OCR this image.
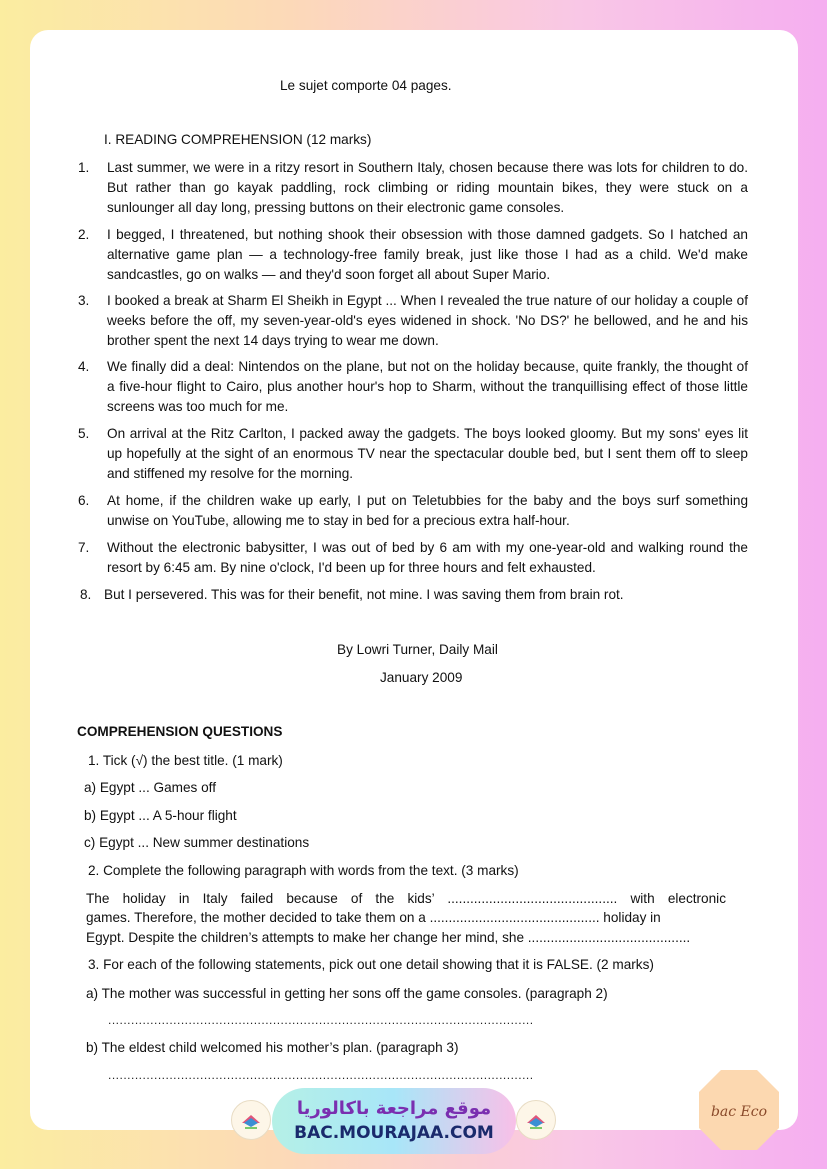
Le sujet comporte 04 pages.
I. READING COMPREHENSION (12 marks)
1. Last summer, we were in a ritzy resort in Southern Italy, chosen because there was lots for children to do. But rather than go kayak paddling, rock climbing or riding mountain bikes, they were stuck on a sunlounger all day long, pressing buttons on their electronic game consoles.
2. I begged, I threatened, but nothing shook their obsession with those damned gadgets. So I hatched an alternative game plan — a technology-free family break, just like those I had as a child. We'd make sandcastles, go on walks — and they'd soon forget all about Super Mario.
3. I booked a break at Sharm El Sheikh in Egypt ... When I revealed the true nature of our holiday a couple of weeks before the off, my seven-year-old's eyes widened in shock. 'No DS?' he bellowed, and he and his brother spent the next 14 days trying to wear me down.
4. We finally did a deal: Nintendos on the plane, but not on the holiday because, quite frankly, the thought of a five-hour flight to Cairo, plus another hour's hop to Sharm, without the tranquillising effect of those little screens was too much for me.
5. On arrival at the Ritz Carlton, I packed away the gadgets. The boys looked gloomy. But my sons' eyes lit up hopefully at the sight of an enormous TV near the spectacular double bed, but I sent them off to sleep and stiffened my resolve for the morning.
6. At home, if the children wake up early, I put on Teletubbies for the baby and the boys surf something unwise on YouTube, allowing me to stay in bed for a precious extra half-hour.
7. Without the electronic babysitter, I was out of bed by 6 am with my one-year-old and walking round the resort by 6:45 am. By nine o'clock, I'd been up for three hours and felt exhausted.
8. But I persevered. This was for their benefit, not mine. I was saving them from brain rot.
By Lowri Turner, Daily Mail
January 2009
COMPREHENSION QUESTIONS
1. Tick (√) the best title. (1 mark)
a) Egypt ... Games off
b) Egypt ... A 5-hour flight
c) Egypt ... New summer destinations
2. Complete the following paragraph with words from the text. (3 marks)
The holiday in Italy failed because of the kids’ ............................................. with electronic
games. Therefore, the mother decided to take them on a ............................................. holiday in
Egypt. Despite the children’s attempts to make her change her mind, she ...........................................
3. For each of the following statements, pick out one detail showing that it is FALSE. (2 marks)
a) The mother was successful in getting her sons off the game consoles. (paragraph 2)
...............................................................................................................
b) The eldest child welcomed his mother’s plan. (paragraph 3)
...............................................................................................................
موقع مراجعة باكالوريا
BAC.MOURAJAA.COM
bac Eco
